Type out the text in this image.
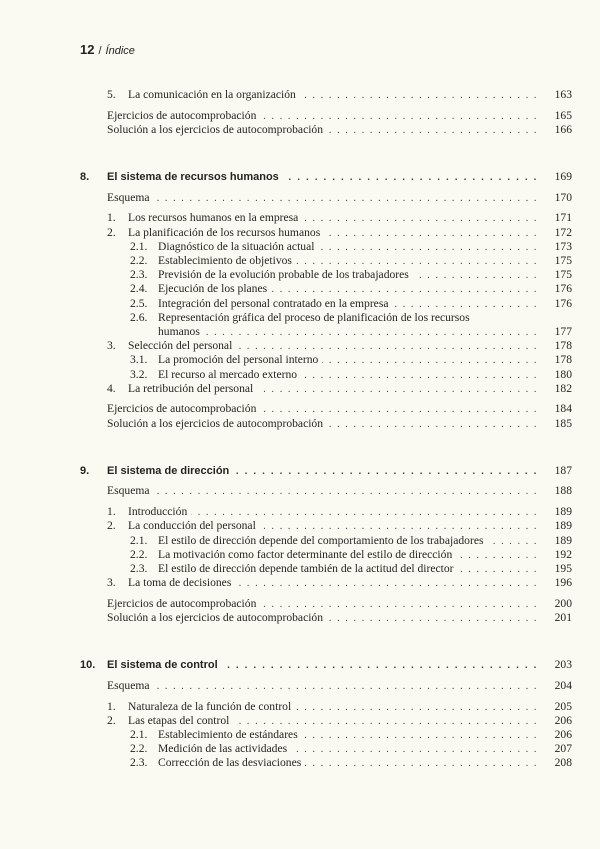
12 / Índice
5.	La comunicación en la organización . . .	163
Ejercicios de autocomprobación . . .	165
Solución a los ejercicios de autocomprobación . . .	166
8.	El sistema de recursos humanos . . .	169
Esquema . . .	170
1.	Los recursos humanos en la empresa . . .	171
2.	La planificación de los recursos humanos . . .	172
2.1. Diagnóstico de la situación actual . . .	173
2.2. Establecimiento de objetivos . . .	175
2.3. Previsión de la evolución probable de los trabajadores . . .	175
2.4. Ejecución de los planes . . .	176
2.5. Integración del personal contratado en la empresa . . .	176
2.6. Representación gráfica del proceso de planificación de los recursos
humanos . . .	177
3.	Selección del personal . . .	178
3.1. La promoción del personal interno . . .	178
3.2. El recurso al mercado externo . . .	180
4.	La retribución del personal . . .	182
Ejercicios de autocomprobación . . .	184
Solución a los ejercicios de autocomprobación . . .	185
9.	El sistema de dirección . . .	187
Esquema . . .	188
1.	Introducción . . .	189
2.	La conducción del personal . . .	189
2.1. El estilo de dirección depende del comportamiento de los trabajadores . . .	189
2.2. La motivación como factor determinante del estilo de dirección . . .	192
2.3. El estilo de dirección depende también de la actitud del director . . .	195
3.	La toma de decisiones . . .	196
Ejercicios de autocomprobación . . .	200
Solución a los ejercicios de autocomprobación . . .	201
10.	El sistema de control . . .	203
Esquema . . .	204
1.	Naturaleza de la función de control . . .	205
2.	Las etapas del control . . .	206
2.1. Establecimiento de estándares . . .	206
2.2. Medición de las actividades . . .	207
2.3. Corrección de las desviaciones . . .	208
